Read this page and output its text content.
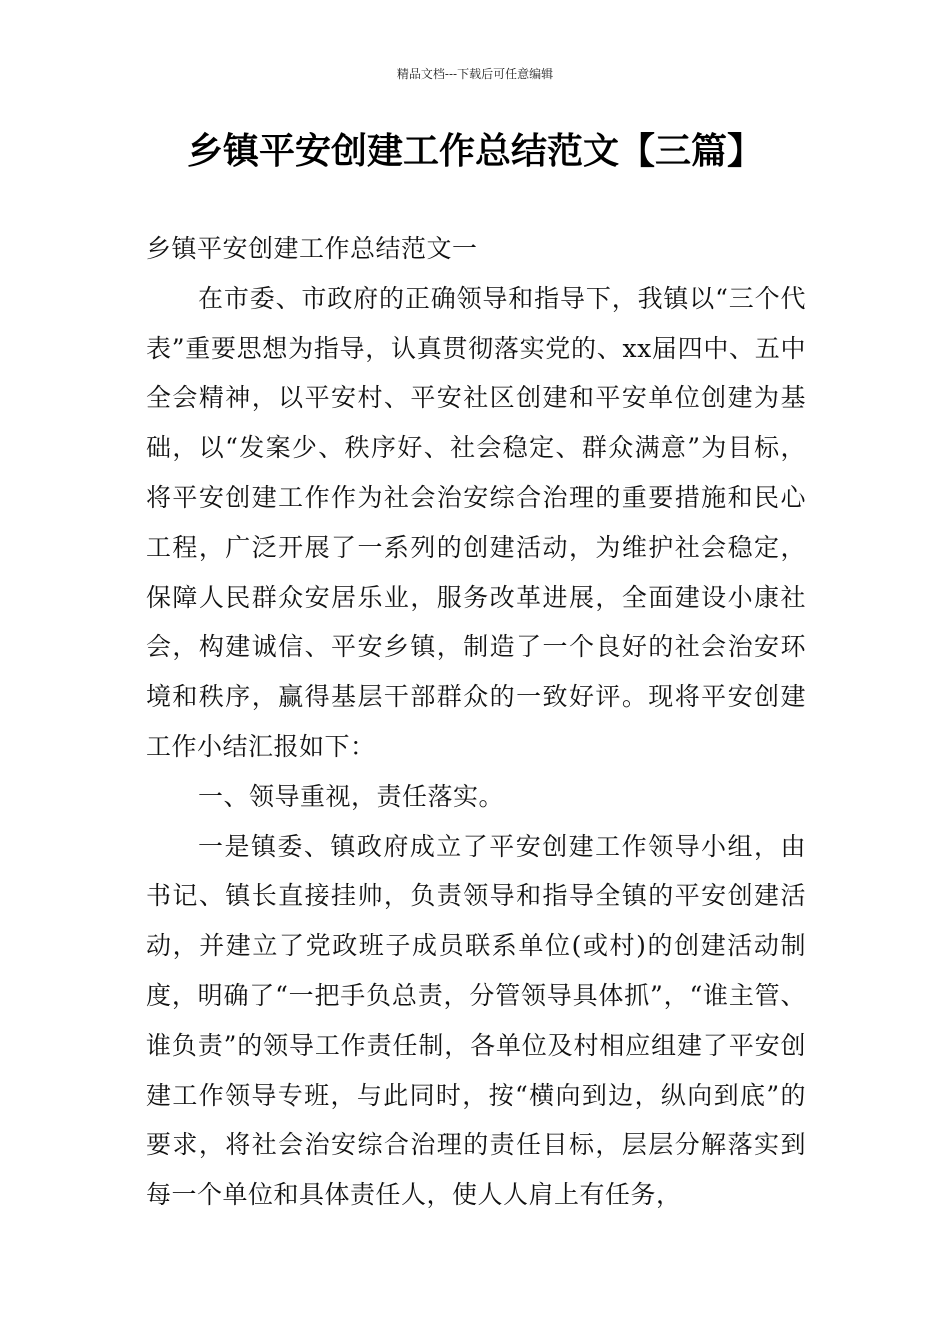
精品文档---下载后可任意编辑
乡镇平安创建工作总结范文【三篇】

乡镇平安创建工作总结范文一

在市委、市政府的正确领导和指导下，我镇以“三个代表”重要思想为指导，认真贯彻落实党的、xx届四中、五中全会精神，以平安村、平安社区创建和平安单位创建为基础，以“发案少、秩序好、社会稳定、群众满意”为目标，将平安创建工作作为社会治安综合治理的重要措施和民心工程，广泛开展了一系列的创建活动，为维护社会稳定，保障人民群众安居乐业，服务改革进展，全面建设小康社会，构建诚信、平安乡镇，制造了一个良好的社会治安环境和秩序，赢得基层干部群众的一致好评。现将平安创建工作小结汇报如下：

一、领导重视，责任落实。

一是镇委、镇政府成立了平安创建工作领导小组，由书记、镇长直接挂帅，负责领导和指导全镇的平安创建活动，并建立了党政班子成员联系单位(或村)的创建活动制度，明确了“一把手负总责，分管领导具体抓”，“谁主管、谁负责”的领导工作责任制，各单位及村相应组建了平安创建工作领导专班，与此同时，按“横向到边，纵向到底”的要求，将社会治安综合治理的责任目标，层层分解落实到每一个单位和具体责任人，使人人肩上有任务，
